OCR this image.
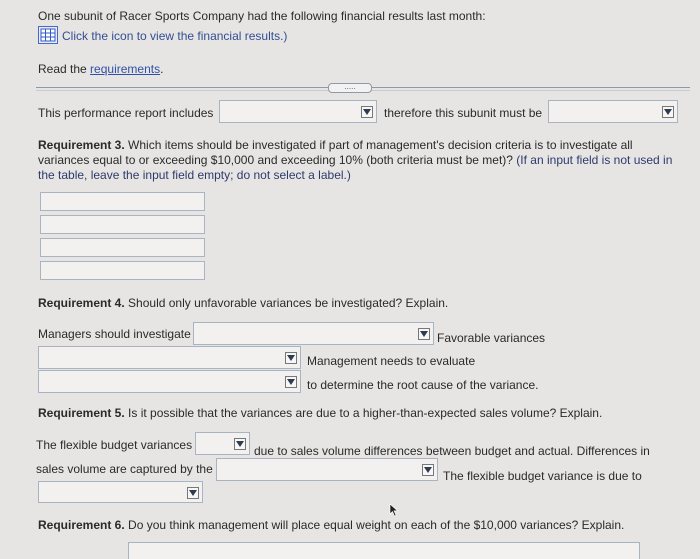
One subunit of Racer Sports Company had the following financial results last month:
Click the icon to view the financial results.)
Read the requirements.
.....
This performance report includes	therefore this subunit must be
Requirement 3. Which items should be investigated if part of management's decision criteria is to investigate all
variances equal to or exceeding $10,000 and exceeding 10% (both criteria must be met)? (If an input field is not used in
the table, leave the input field empty; do not select a label.)
Requirement 4. Should only unfavorable variances be investigated? Explain.
Managers should investigate	Favorable variances
Management needs to evaluate
to determine the root cause of the variance.
Requirement 5. Is it possible that the variances are due to a higher-than-expected sales volume? Explain.
The flexible budget variances	due to sales volume differences between budget and actual. Differences in
sales volume are captured by the	The flexible budget variance is due to
Requirement 6. Do you think management will place equal weight on each of the $10,000 variances? Explain.
